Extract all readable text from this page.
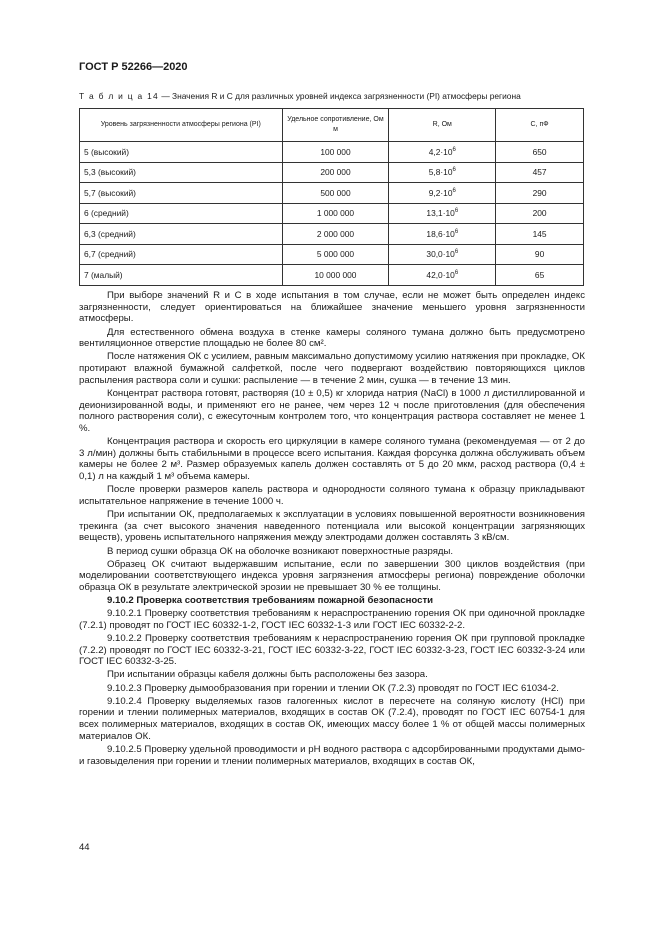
ГОСТ Р 52266—2020
Т а б л и ц а 14 — Значения R и C для различных уровней индекса загрязненности (PI) атмосферы региона
Уровень загрязненности атмосферы региона (PI)	Удельное сопротивление, Ом м	R, Ом	C, пФ
5 (высокий)	100 000	$4,2\cdot 10^6$	650
5,3 (высокий)	200 000	$5,8\cdot 10^6$	457
5,7 (высокий)	500 000	$9,2\cdot 10^6$	290
6 (средний)	1 000 000	$13,1\cdot 10^6$	200
6,3 (средний)	2 000 000	$18,6\cdot 10^6$	145
6,7 (средний)	5 000 000	$30,0\cdot 10^6$	90
7 (малый)	10 000 000	$42,0\cdot 10^6$	65

При выборе значений R и C в ходе испытания в том случае, если не может быть определен индекс загрязненности, следует ориентироваться на ближайшее значение меньшего уровня загрязненности атмосферы.

Для естественного обмена воздуха в стенке камеры соляного тумана должно быть предусмотрено вентиляционное отверстие площадью не более 80 см².

После натяжения ОК с усилием, равным максимально допустимому усилию натяжения при прокладке, ОК протирают влажной бумажной салфеткой, после чего подвергают воздействию повторяющихся циклов распыления раствора соли и сушки: распыление — в течение 2 мин, сушка — в течение 13 мин.

Концентрат раствора готовят, растворяя (10 ± 0,5) кг хлорида натрия (NaCl) в 1000 л дистиллированной и деионизированной воды, и применяют его не ранее, чем через 12 ч после приготовления (для обеспечения полного растворения соли), с ежесуточным контролем того, что концентрация раствора составляет не менее 1 %.

Концентрация раствора и скорость его циркуляции в камере соляного тумана (рекомендуемая — от 2 до 3 л/мин) должны быть стабильными в процессе всего испытания. Каждая форсунка должна обслуживать объем камеры не более 2 м³. Размер образуемых капель должен составлять от 5 до 20 мкм, расход раствора (0,4 ± 0,1) л на каждый 1 м³ объема камеры.

После проверки размеров капель раствора и однородности соляного тумана к образцу прикладывают испытательное напряжение в течение 1000 ч.

При испытании ОК, предполагаемых к эксплуатации в условиях повышенной вероятности возникновения трекинга (за счет высокого значения наведенного потенциала или высокой концентрации загрязняющих веществ), уровень испытательного напряжения между электродами должен составлять 3 кВ/см.

В период сушки образца ОК на оболочке возникают поверхностные разряды.

Образец ОК считают выдержавшим испытание, если по завершении 300 циклов воздействия (при моделировании соответствующего индекса уровня загрязнения атмосферы региона) повреждение оболочки образца ОК в результате электрической эрозии не превышает 30 % ее толщины.

9.10.2 Проверка соответствия требованиям пожарной безопасности

9.10.2.1 Проверку соответствия требованиям к нераспространению горения ОК при одиночной прокладке (7.2.1) проводят по ГОСТ IEC 60332-1-2, ГОСТ IEC 60332-1-3 или ГОСТ IEC 60332-2-2.

9.10.2.2 Проверку соответствия требованиям к нераспространению горения ОК при групповой прокладке (7.2.2) проводят по ГОСТ IEC 60332-3-21, ГОСТ IEC 60332-3-22, ГОСТ IEC 60332-3-23, ГОСТ IEC 60332-3-24 или ГОСТ IEC 60332-3-25.

При испытании образцы кабеля должны быть расположены без зазора.

9.10.2.3 Проверку дымообразования при горении и тлении ОК (7.2.3) проводят по ГОСТ IEC 61034-2.

9.10.2.4 Проверку выделяемых газов галогенных кислот в пересчете на соляную кислоту (HCl) при горении и тлении полимерных материалов, входящих в состав ОК (7.2.4), проводят по ГОСТ IEC 60754-1 для всех полимерных материалов, входящих в состав ОК, имеющих массу более 1 % от общей массы полимерных материалов ОК.

9.10.2.5 Проверку удельной проводимости и рН водного раствора с адсорбированными продуктами дымо- и газовыделения при горении и тлении полимерных материалов, входящих в состав ОК,

44
